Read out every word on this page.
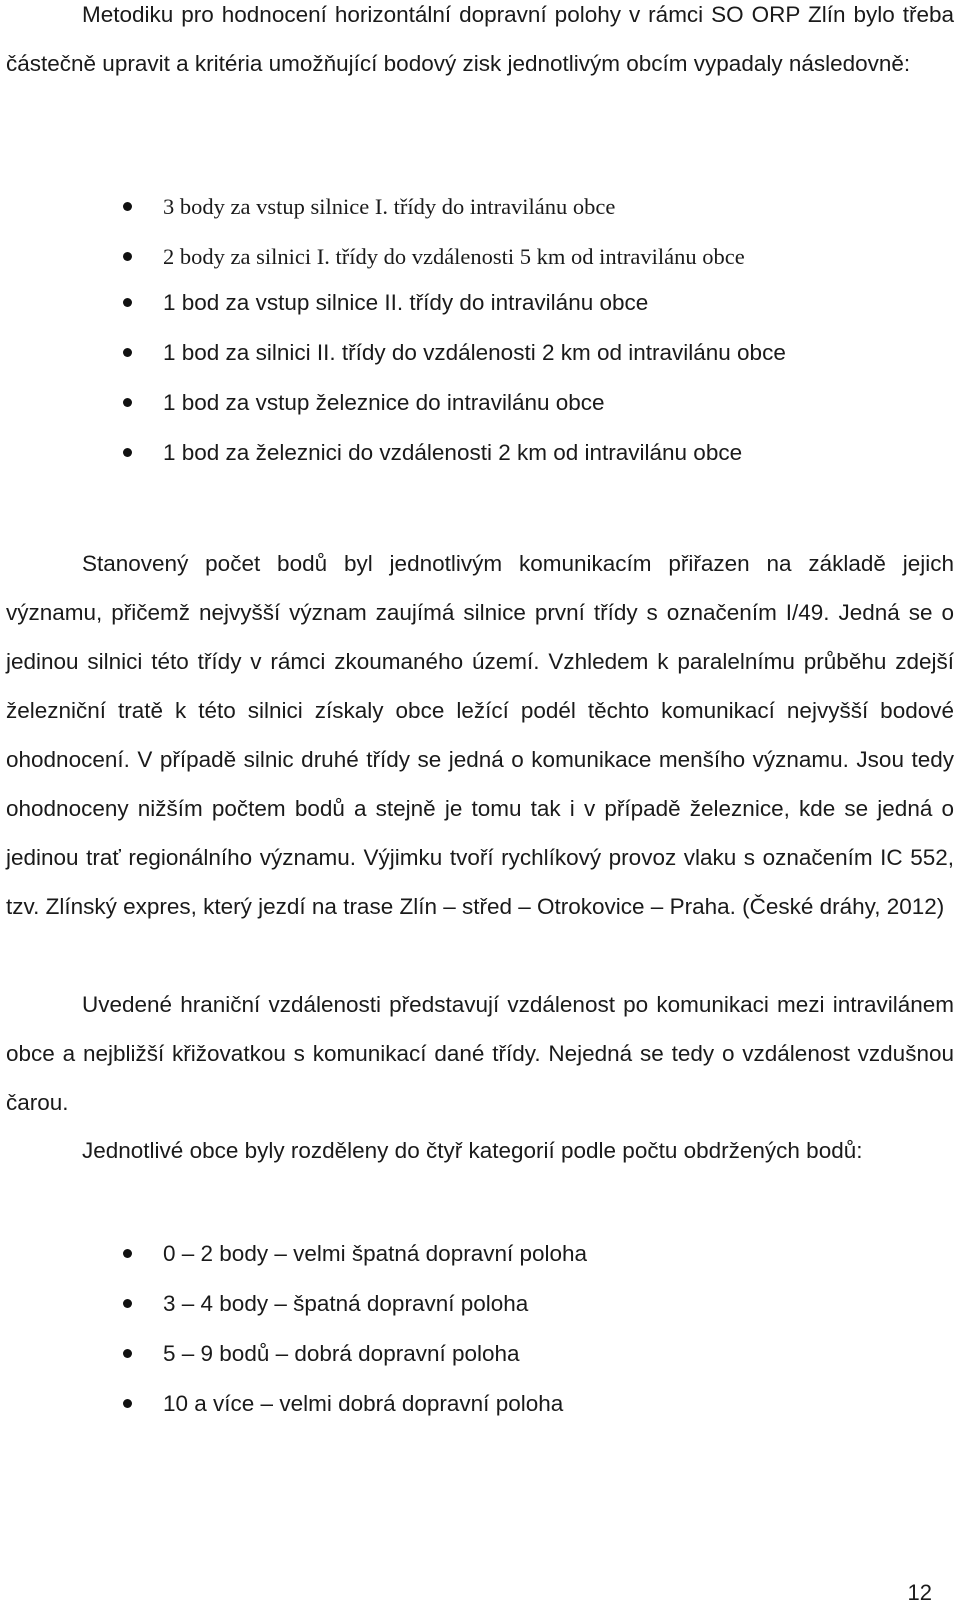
Metodiku pro hodnocení horizontální dopravní polohy v rámci SO ORP Zlín bylo třeba částečně upravit a kritéria umožňující bodový zisk jednotlivým obcím vypadaly následovně:

3 body za vstup silnice I. třídy do intravilánu obce
2 body za silnici I. třídy do vzdálenosti 5 km od intravilánu obce
1 bod za vstup silnice II. třídy do intravilánu obce
1 bod za silnici II. třídy do vzdálenosti 2 km od intravilánu obce
1 bod za vstup železnice do intravilánu obce
1 bod za železnici do vzdálenosti 2 km od intravilánu obce

Stanovený počet bodů byl jednotlivým komunikacím přiřazen na základě jejich významu, přičemž nejvyšší význam zaujímá silnice první třídy s označením I/49. Jedná se o jedinou silnici této třídy v rámci zkoumaného území. Vzhledem k paralelnímu průběhu zdejší železniční tratě k této silnici získaly obce ležící podél těchto komunikací nejvyšší bodové ohodnocení. V případě silnic druhé třídy se jedná o komunikace menšího významu. Jsou tedy ohodnoceny nižším počtem bodů a stejně je tomu tak i v případě železnice, kde se jedná o jedinou trať regionálního významu. Výjimku tvoří rychlíkový provoz vlaku s označením IC 552, tzv. Zlínský expres, který jezdí na trase Zlín – střed – Otrokovice – Praha. (České dráhy, 2012)

Uvedené hraniční vzdálenosti představují vzdálenost po komunikaci mezi intravilánem obce a nejbližší křižovatkou s komunikací dané třídy. Nejedná se tedy o vzdálenost vzdušnou čarou.

Jednotlivé obce byly rozděleny do čtyř kategorií podle počtu obdržených bodů:

0 – 2 body – velmi špatná dopravní poloha
3 – 4 body – špatná dopravní poloha
5 – 9 bodů – dobrá dopravní poloha
10 a více – velmi dobrá dopravní poloha
12
